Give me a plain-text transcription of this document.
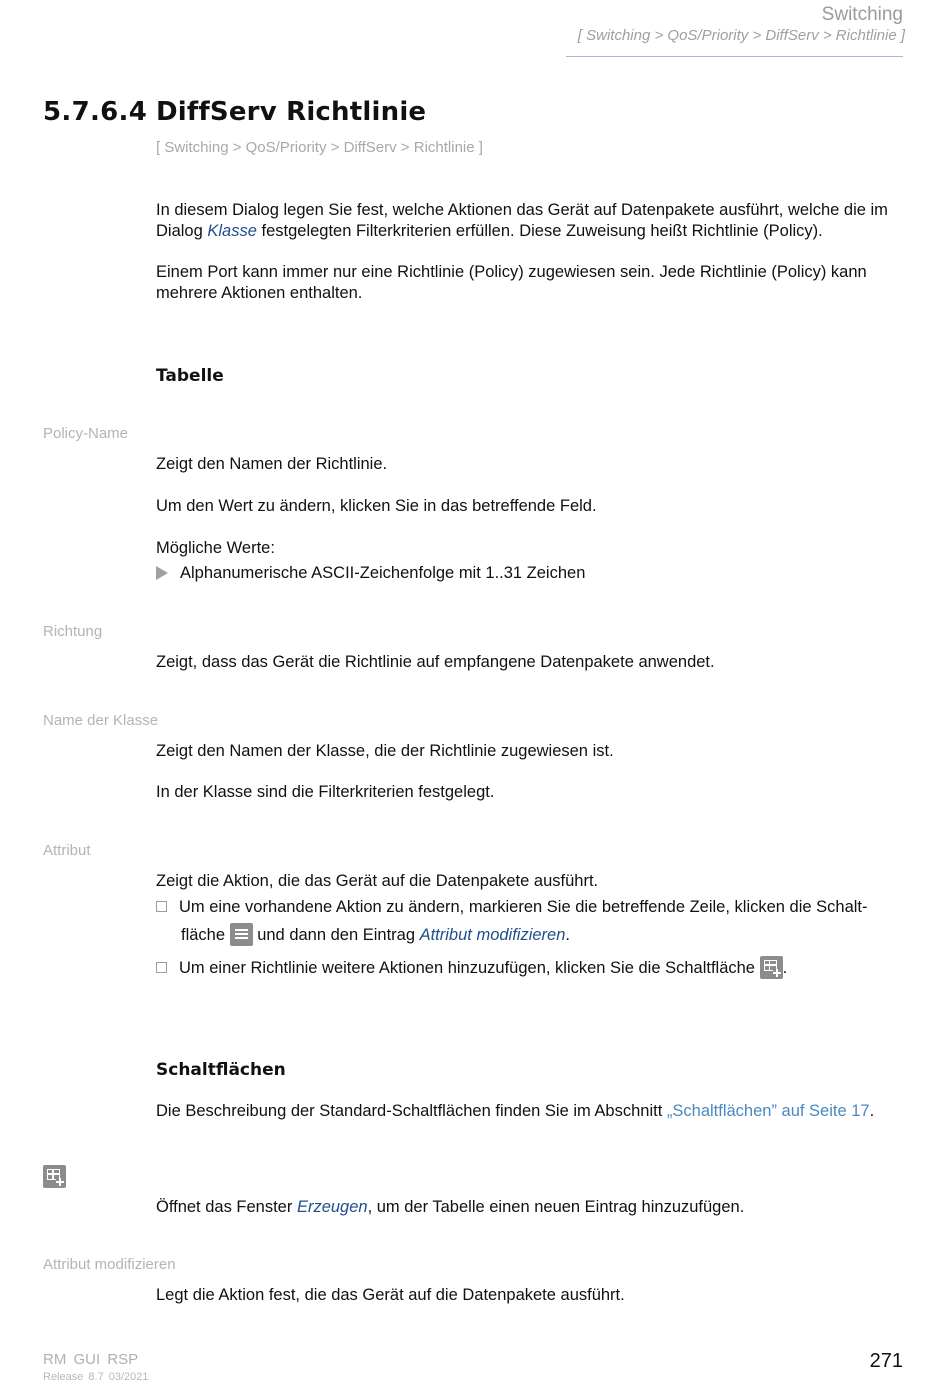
Switching
[ Switching > QoS/Priority > DiffServ > Richtlinie ]
5.7.6.4 DiffServ Richtlinie
[ Switching > QoS/Priority > DiffServ > Richtlinie ]
In diesem Dialog legen Sie fest, welche Aktionen das Gerät auf Datenpakete ausführt, welche die im Dialog Klasse festgelegten Filterkriterien erfüllen. Diese Zuweisung heißt Richtlinie (Policy).
Einem Port kann immer nur eine Richtlinie (Policy) zugewiesen sein. Jede Richtlinie (Policy) kann mehrere Aktionen enthalten.
Tabelle
Policy-Name
Zeigt den Namen der Richtlinie.
Um den Wert zu ändern, klicken Sie in das betreffende Feld.
Mögliche Werte:
Alphanumerische ASCII-Zeichenfolge mit 1..31 Zeichen
Richtung
Zeigt, dass das Gerät die Richtlinie auf empfangene Datenpakete anwendet.
Name der Klasse
Zeigt den Namen der Klasse, die der Richtlinie zugewiesen ist.
In der Klasse sind die Filterkriterien festgelegt.
Attribut
Zeigt die Aktion, die das Gerät auf die Datenpakete ausführt.
Um eine vorhandene Aktion zu ändern, markieren Sie die betreffende Zeile, klicken die Schalt-
fläche
und dann den Eintrag Attribut modifizieren.
Um einer Richtlinie weitere Aktionen hinzuzufügen, klicken Sie die Schaltfläche
.
Schaltflächen
Die Beschreibung der Standard-Schaltflächen finden Sie im Abschnitt „Schaltflächen” auf Seite 17.
Öffnet das Fenster Erzeugen, um der Tabelle einen neuen Eintrag hinzuzufügen.
Attribut modifizieren
Legt die Aktion fest, die das Gerät auf die Datenpakete ausführt.
RM GUI RSP
Release 8.7 03/2021
271
